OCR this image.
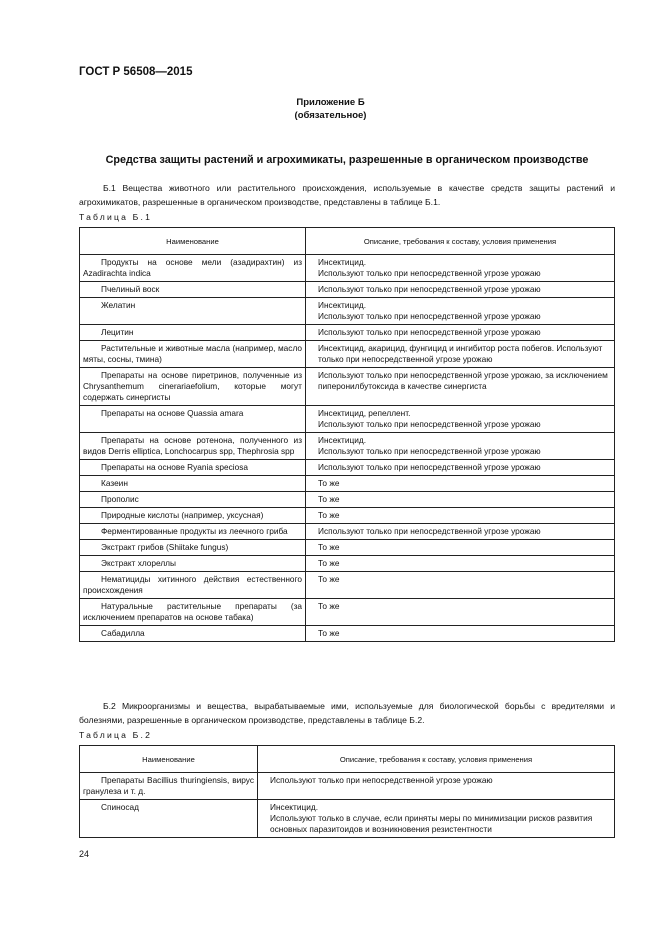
ГОСТ Р 56508—2015
Приложение Б
(обязательное)
Средства защиты растений и агрохимикаты, разрешенные в органическом производстве
Б.1 Вещества животного или растительного происхождения, используемые в качестве средств защиты растений и агрохимикатов, разрешенные в органическом производстве, представлены в таблице Б.1.
Таблица Б.1
Наименование	Описание, требования к составу, условия применения
Продукты на основе мели (азадирахтин) из Azadirachta indica	Инсектицид.
Используют только при непосредственной угрозе урожаю
Пчелиный воск	Используют только при непосредственной угрозе урожаю
Желатин	Инсектицид.
Используют только при непосредственной угрозе урожаю
Лецитин	Используют только при непосредственной угрозе урожаю
Растительные и животные масла (например, масло мяты, сосны, тмина)	Инсектицид, акарицид, фунгицид и ингибитор роста побегов. Используют только при непосредственной угрозе урожаю
Препараты на основе пиретринов, полученные из Chrysanthemum cinerariaefolium, которые могут содержать синергисты	Используют только при непосредственной угрозе урожаю, за исключением пиперонилбутоксида в качестве синергиста
Препараты на основе Quassia amara	Инсектицид, репеллент.
Используют только при непосредственной угрозе урожаю
Препараты на основе ротенона, полученного из видов Derris elliptica, Lonchocarpus spp, Thephrosia spp	Инсектицид.
Используют только при непосредственной угрозе урожаю
Препараты на основе Ryania speciosa	Используют только при непосредственной угрозе урожаю
Казеин	То же
Прополис	То же
Природные кислоты (например, уксусная)	То же
Ферментированные продукты из леечного гриба	Используют только при непосредственной угрозе урожаю
Экстракт грибов (Shiitake fungus)	То же
Экстракт хлореллы	То же
Нематициды хитинного действия естественного происхождения	То же
Натуральные растительные препараты (за исключением препаратов на основе табака)	То же
Сабадилла	То же
Б.2 Микроорганизмы и вещества, вырабатываемые ими, используемые для биологической борьбы с вредителями и болезнями, разрешенные в органическом производстве, представлены в таблице Б.2.
Таблица Б.2
Наименование	Описание, требования к составу, условия применения
Препараты Bacillius thuringiensis, вирус гранулеза и т. д.	Используют только при непосредственной угрозе урожаю
Спиносад	Инсектицид.
Используют только в случае, если приняты меры по минимизации рисков развития основных паразитоидов и возникновения резистентности
24
